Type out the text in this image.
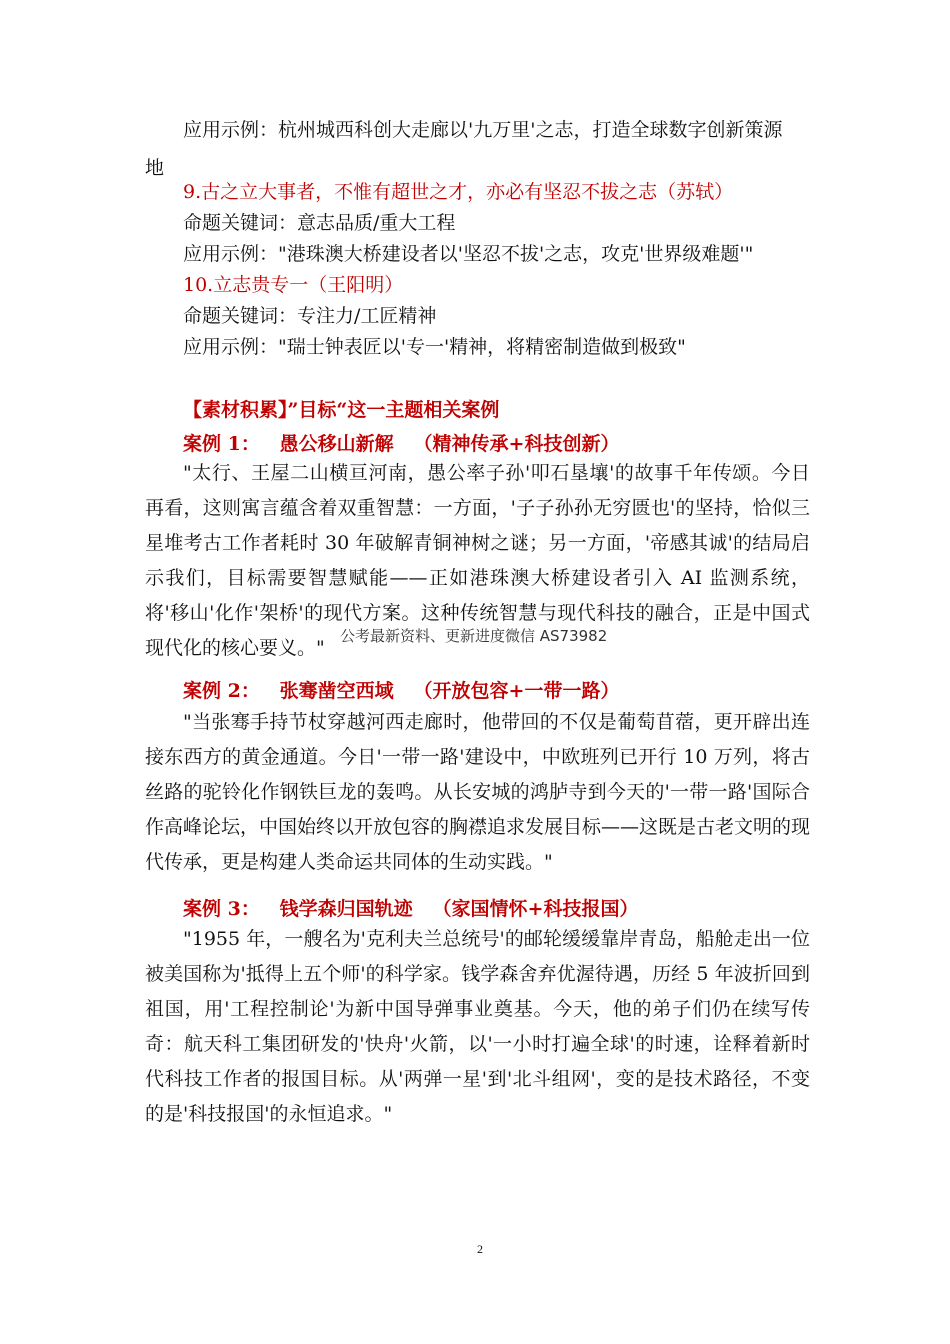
应用示例：杭州城西科创大走廊以'九万里'之志，打造全球数字创新策源
地
9.古之立大事者，不惟有超世之才，亦必有坚忍不拔之志（苏轼）
命题关键词：意志品质/重大工程
应用示例："港珠澳大桥建设者以'坚忍不拔'之志，攻克'世界级难题'"
10.立志贵专一（王阳明）
命题关键词：专注力/工匠精神
应用示例："瑞士钟表匠以'专一'精神，将精密制造做到极致"
【素材积累】”目标“这一主题相关案例
案例 1：   愚公移山新解   （精神传承+科技创新）
"太行、王屋二山横亘河南，愚公率子孙'叩石垦壤'的故事千年传颂。今日再看，这则寓言蕴含着双重智慧：一方面，'子子孙孙无穷匮也'的坚持，恰似三星堆考古工作者耗时 30 年破解青铜神树之谜；另一方面，'帝感其诚'的结局启示我们，目标需要智慧赋能——正如港珠澳大桥建设者引入 AI 监测系统，将'移山'化作'架桥'的现代方案。这种传统智慧与现代科技的融合，正是中国式现代化的核心要义。"
公考最新资料、更新进度微信 AS73982
案例 2：   张骞凿空西域   （开放包容+一带一路）
"当张骞手持节杖穿越河西走廊时，他带回的不仅是葡萄苜蓿，更开辟出连接东西方的黄金通道。今日'一带一路'建设中，中欧班列已开行 10 万列，将古丝路的驼铃化作钢铁巨龙的轰鸣。从长安城的鸿胪寺到今天的'一带一路'国际合作高峰论坛，中国始终以开放包容的胸襟追求发展目标——这既是古老文明的现代传承，更是构建人类命运共同体的生动实践。"
案例 3：   钱学森归国轨迹   （家国情怀+科技报国）
"1955 年，一艘名为'克利夫兰总统号'的邮轮缓缓靠岸青岛，船舱走出一位被美国称为'抵得上五个师'的科学家。钱学森舍弃优渥待遇，历经 5 年波折回到祖国，用'工程控制论'为新中国导弹事业奠基。今天，他的弟子们仍在续写传奇：航天科工集团研发的'快舟'火箭，以'一小时打遍全球'的时速，诠释着新时代科技工作者的报国目标。从'两弹一星'到'北斗组网'，变的是技术路径，不变的是'科技报国'的永恒追求。"
2
